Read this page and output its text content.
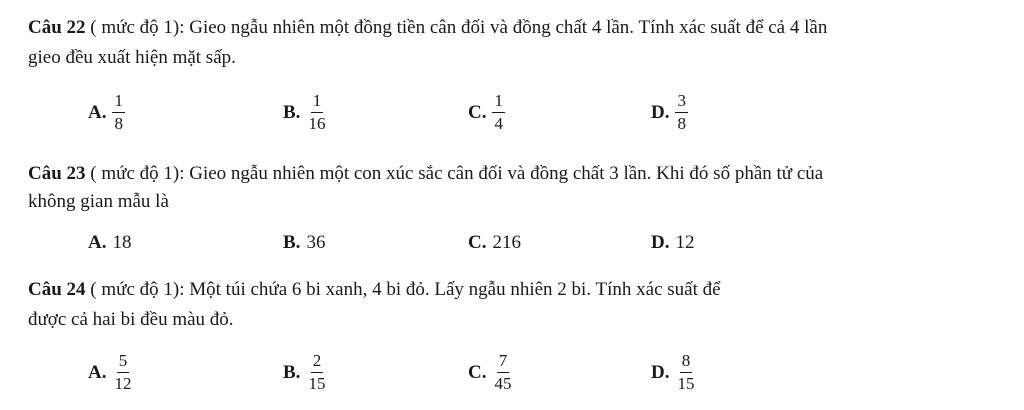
Câu 22 ( mức độ 1): Gieo ngẫu nhiên một đồng tiền cân đối và đồng chất 4 lần. Tính xác suất để cả 4 lần
gieo đều xuất hiện mặt sấp.
A. $\frac{1}{8}$	B. $\frac{1}{16}$	C. $\frac{1}{4}$	D. $\frac{3}{8}$
Câu 23 ( mức độ 1): Gieo ngẫu nhiên một con xúc sắc cân đối và đồng chất 3 lần. Khi đó số phần tử của
không gian mẫu là
A. 18	B. 36	C. 216	D. 12
Câu 24 ( mức độ 1): Một túi chứa 6 bi xanh, 4 bi đỏ. Lấy ngẫu nhiên 2 bi. Tính xác suất để
được cả hai bi đều màu đỏ.
A. $\frac{5}{12}$	B. $\frac{2}{15}$	C. $\frac{7}{45}$	D. $\frac{8}{15}$
